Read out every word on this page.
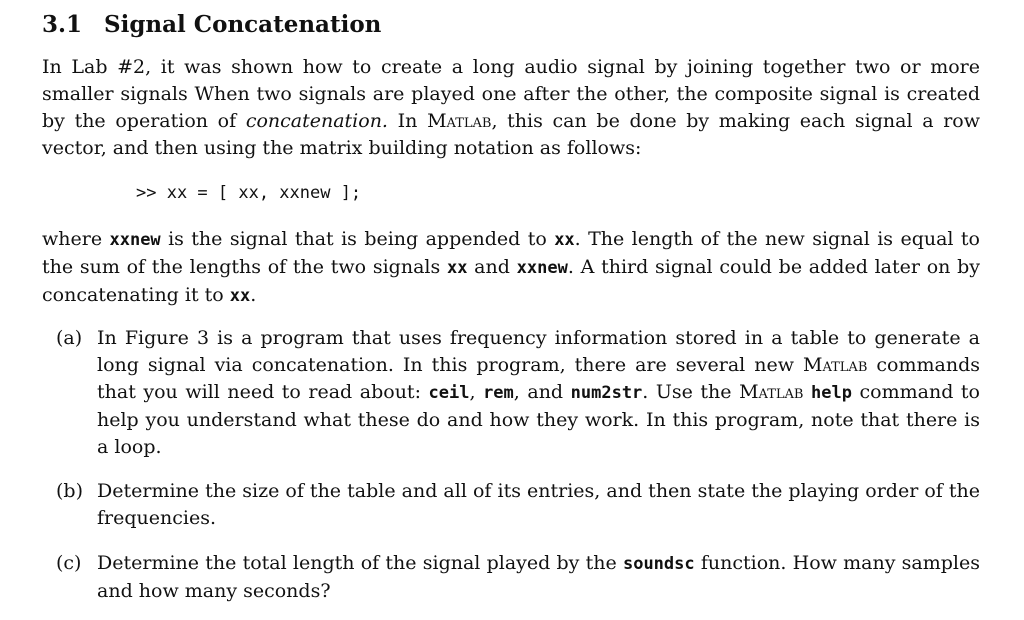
3.1 Signal Concatenation

In Lab #2, it was shown how to create a long audio signal by joining together two or more smaller signals When two signals are played one after the other, the composite signal is created by the operation of concatenation. In Matlab, this can be done by making each signal a row vector, and then using the matrix building notation as follows:

>> xx = [ xx, xxnew ];

where xxnew is the signal that is being appended to xx. The length of the new signal is equal to the sum of the lengths of the two signals xx and xxnew. A third signal could be added later on by concatenating it to xx.

(a) In Figure 3 is a program that uses frequency information stored in a table to generate a long signal via concatenation. In this program, there are several new Matlab commands that you will need to read about: ceil, rem, and num2str. Use the Matlab help command to help you understand what these do and how they work. In this program, note that there is a loop.

(b) Determine the size of the table and all of its entries, and then state the playing order of the frequencies.

(c) Determine the total length of the signal played by the soundsc function. How many samples and how many seconds?
